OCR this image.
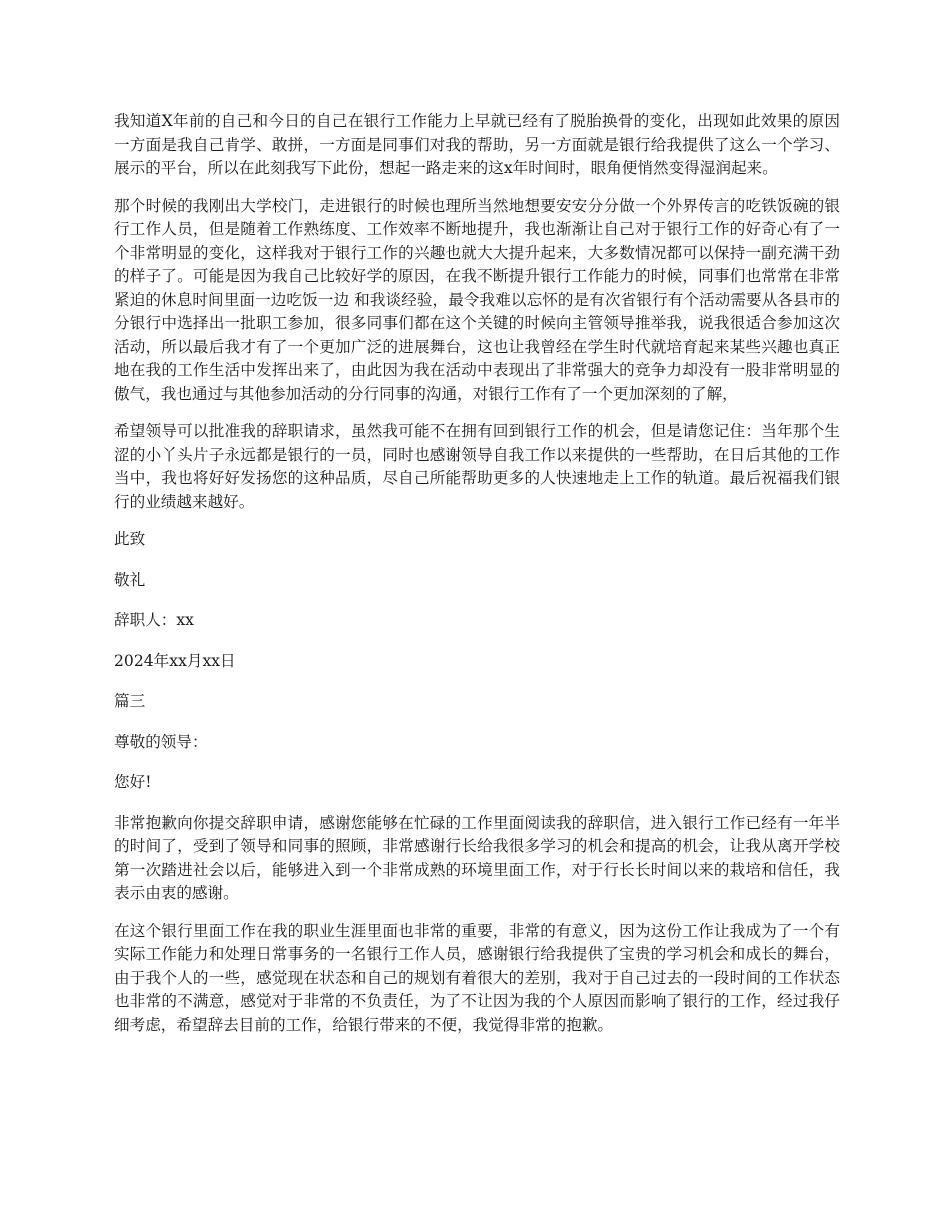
我知道X年前的自己和今日的自己在银行工作能力上早就已经有了脱胎换骨的变化，出现如此效果的原因一方面是我自己肯学、敢拼，一方面是同事们对我的帮助，另一方面就是银行给我提供了这么一个学习、展示的平台，所以在此刻我写下此份，想起一路走来的这x年时间时，眼角便悄然变得湿润起来。

那个时候的我刚出大学校门，走进银行的时候也理所当然地想要安安分分做一个外界传言的吃铁饭碗的银行工作人员，但是随着工作熟练度、工作效率不断地提升，我也渐渐让自己对于银行工作的好奇心有了一个非常明显的变化，这样我对于银行工作的兴趣也就大大提升起来，大多数情况都可以保持一副充满干劲的样子了。可能是因为我自己比较好学的原因，在我不断提升银行工作能力的时候，同事们也常常在非常紧迫的休息时间里面一边吃饭一边 和我谈经验，最令我难以忘怀的是有次省银行有个活动需要从各县市的分银行中选择出一批职工参加，很多同事们都在这个关键的时候向主管领导推举我，说我很适合参加这次活动，所以最后我才有了一个更加广泛的进展舞台，这也让我曾经在学生时代就培育起来某些兴趣也真正地在我的工作生活中发挥出来了，由此因为我在活动中表现出了非常强大的竞争力却没有一股非常明显的傲气，我也通过与其他参加活动的分行同事的沟通，对银行工作有了一个更加深刻的了解，

希望领导可以批准我的辞职请求，虽然我可能不在拥有回到银行工作的机会，但是请您记住：当年那个生涩的小丫头片子永远都是银行的一员，同时也感谢领导自我工作以来提供的一些帮助，在日后其他的工作当中，我也将好好发扬您的这种品质，尽自己所能帮助更多的人快速地走上工作的轨道。最后祝福我们银行的业绩越来越好。

此致

敬礼

辞职人：xx

2024年xx月xx日

篇三

尊敬的领导：

您好!

非常抱歉向你提交辞职申请，感谢您能够在忙碌的工作里面阅读我的辞职信，进入银行工作已经有一年半的时间了，受到了领导和同事的照顾，非常感谢行长给我很多学习的机会和提高的机会，让我从离开学校第一次踏进社会以后，能够进入到一个非常成熟的环境里面工作，对于行长长时间以来的栽培和信任，我表示由衷的感谢。

在这个银行里面工作在我的职业生涯里面也非常的重要，非常的有意义，因为这份工作让我成为了一个有实际工作能力和处理日常事务的一名银行工作人员，感谢银行给我提供了宝贵的学习机会和成长的舞台，由于我个人的一些，感觉现在状态和自己的规划有着很大的差别，我对于自己过去的一段时间的工作状态也非常的不满意，感觉对于非常的不负责任，为了不让因为我的个人原因而影响了银行的工作，经过我仔细考虑，希望辞去目前的工作，给银行带来的不便，我觉得非常的抱歉。
